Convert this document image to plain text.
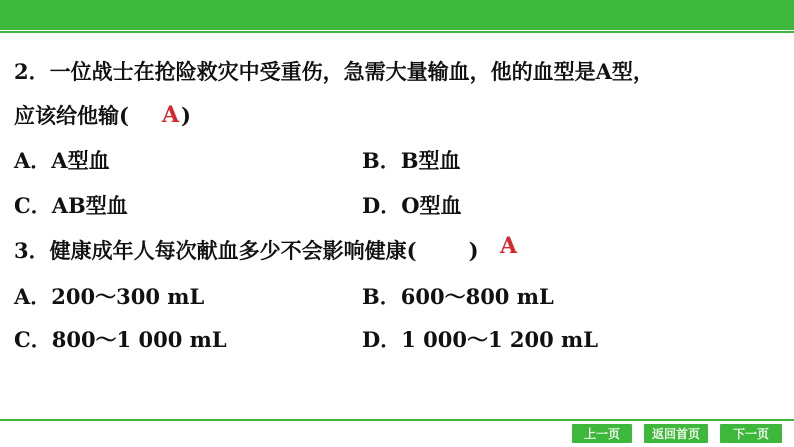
2．一位战士在抢险救灾中受重伤，急需大量输血，他的血型是A型，
应该给他输( )
A
A．A型血	B．B型血
C．AB型血	D．O型血
3．健康成年人每次献血多少不会影响健康( ) A
A．200～300 mL	B．600～800 mL
C．800～1 000 mL	D．1 000～1 200 mL
上一页	返回首页	下一页
